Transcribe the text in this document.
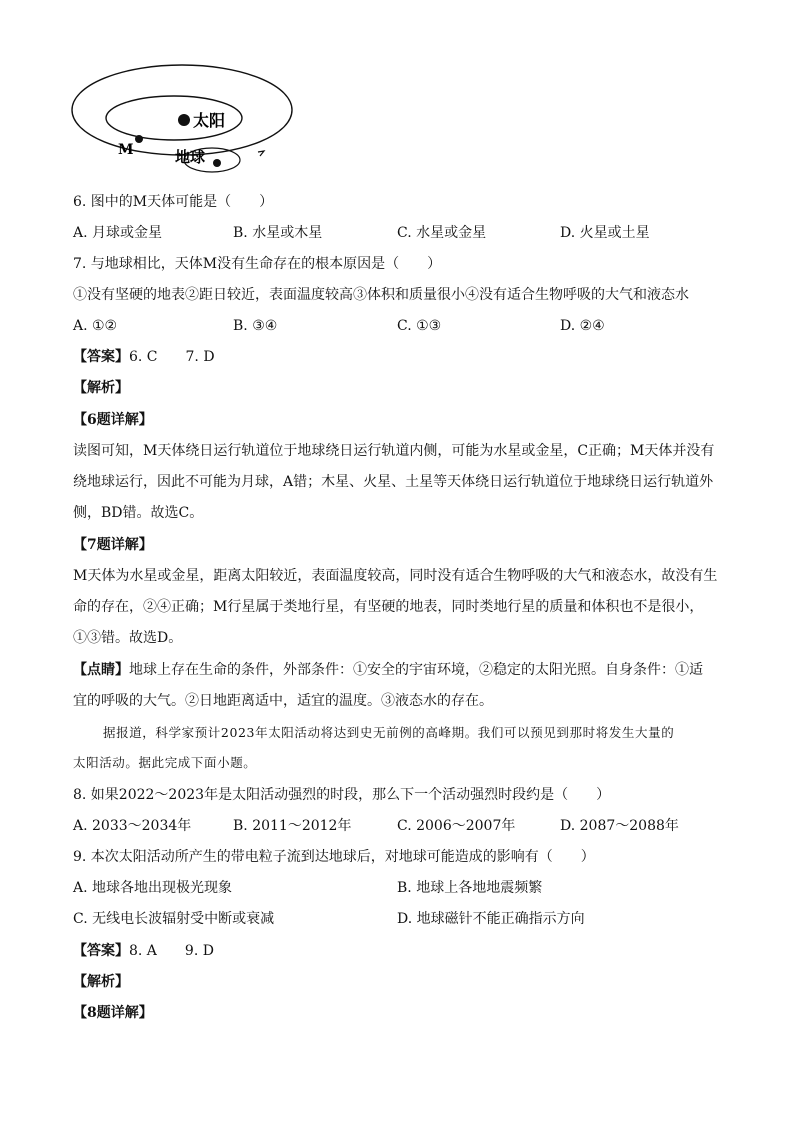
太阳
地球
M
6. 图中的M天体可能是（　　）
A. 月球或金星	B. 水星或木星	C. 水星或金星	D. 火星或土星
7. 与地球相比，天体M没有生命存在的根本原因是（　　）
①没有坚硬的地表②距日较近，表面温度较高③体积和质量很小④没有适合生物呼吸的大气和液态水
A. ①②	B. ③④	C. ①③	D. ②④
【答案】6. C　　7. D
【解析】
【6题详解】
读图可知，M天体绕日运行轨道位于地球绕日运行轨道内侧，可能为水星或金星，C正确；M天体并没有
绕地球运行，因此不可能为月球，A错；木星、火星、土星等天体绕日运行轨道位于地球绕日运行轨道外
侧，BD错。故选C。
【7题详解】
M天体为水星或金星，距离太阳较近，表面温度较高，同时没有适合生物呼吸的大气和液态水，故没有生
命的存在，②④正确；M行星属于类地行星，有坚硬的地表，同时类地行星的质量和体积也不是很小，
①③错。故选D。
【点睛】地球上存在生命的条件，外部条件：①安全的宇宙环境，②稳定的太阳光照。自身条件：①适
宜的呼吸的大气。②日地距离适中，适宜的温度。③液态水的存在。
据报道，科学家预计2023年太阳活动将达到史无前例的高峰期。我们可以预见到那时将发生大量的
太阳活动。据此完成下面小题。
8. 如果2022～2023年是太阳活动强烈的时段，那么下一个活动强烈时段约是（　　）
A. 2033～2034年	B. 2011～2012年	C. 2006～2007年	D. 2087～2088年
9. 本次太阳活动所产生的带电粒子流到达地球后，对地球可能造成的影响有（　　）
A. 地球各地出现极光现象	B. 地球上各地地震频繁
C. 无线电长波辐射受中断或衰减	D. 地球磁针不能正确指示方向
【答案】8. A　　9. D
【解析】
【8题详解】
